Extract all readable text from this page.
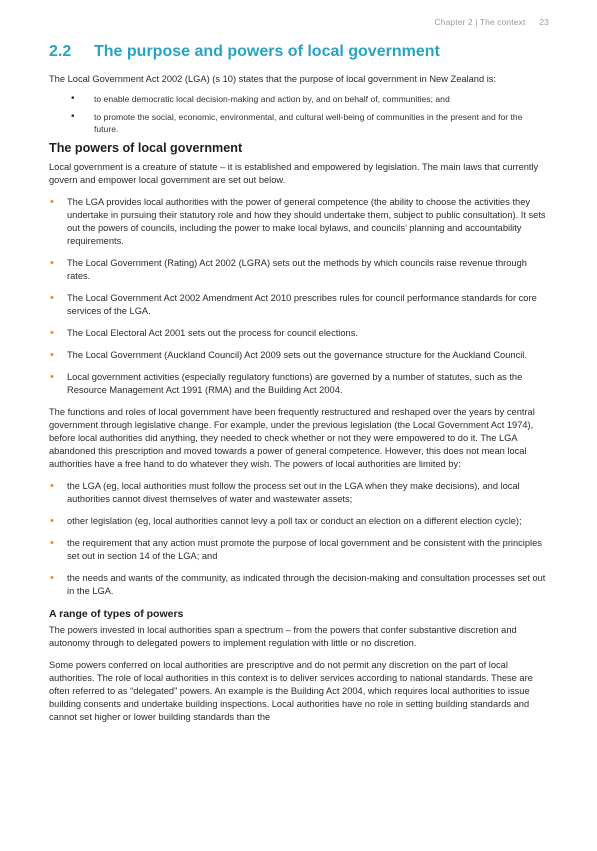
Chapter 2 | The context 23
2.2 The purpose and powers of local government

The Local Government Act 2002 (LGA) (s 10) states that the purpose of local government in New Zealand is:

• to enable democratic local decision-making and action by, and on behalf of, communities; and
• to promote the social, economic, environmental, and cultural well-being of communities in the present and for the future.
The powers of local government

Local government is a creature of statute – it is established and empowered by legislation. The main laws that currently govern and empower local government are set out below.

• The LGA provides local authorities with the power of general competence (the ability to choose the activities they undertake in pursuing their statutory role and how they should undertake them, subject to public consultation). It sets out the powers of councils, including the power to make local bylaws, and councils’ planning and accountability requirements.
• The Local Government (Rating) Act 2002 (LGRA) sets out the methods by which councils raise revenue through rates.
• The Local Government Act 2002 Amendment Act 2010 prescribes rules for council performance standards for core services of the LGA.
• The Local Electoral Act 2001 sets out the process for council elections.
• The Local Government (Auckland Council) Act 2009 sets out the governance structure for the Auckland Council.
• Local government activities (especially regulatory functions) are governed by a number of statutes, such as the Resource Management Act 1991 (RMA) and the Building Act 2004.

The functions and roles of local government have been frequently restructured and reshaped over the years by central government through legislative change. For example, under the previous legislation (the Local Government Act 1974), before local authorities did anything, they needed to check whether or not they were empowered to do it. The LGA abandoned this prescription and moved towards a power of general competence. However, this does not mean local authorities have a free hand to do whatever they wish. The powers of local authorities are limited by:

• the LGA (eg, local authorities must follow the process set out in the LGA when they make decisions), and local authorities cannot divest themselves of water and wastewater assets;
• other legislation (eg, local authorities cannot levy a poll tax or conduct an election on a different election cycle);
• the requirement that any action must promote the purpose of local government and be consistent with the principles set out in section 14 of the LGA; and
• the needs and wants of the community, as indicated through the decision-making and consultation processes set out in the LGA.
A range of types of powers

The powers invested in local authorities span a spectrum – from the powers that confer substantive discretion and autonomy through to delegated powers to implement regulation with little or no discretion.

Some powers conferred on local authorities are prescriptive and do not permit any discretion on the part of local authorities. The role of local authorities in this context is to deliver services according to national standards. These are often referred to as “delegated” powers. An example is the Building Act 2004, which requires local authorities to issue building consents and undertake building inspections. Local authorities have no role in setting building standards and cannot set higher or lower building standards than the
